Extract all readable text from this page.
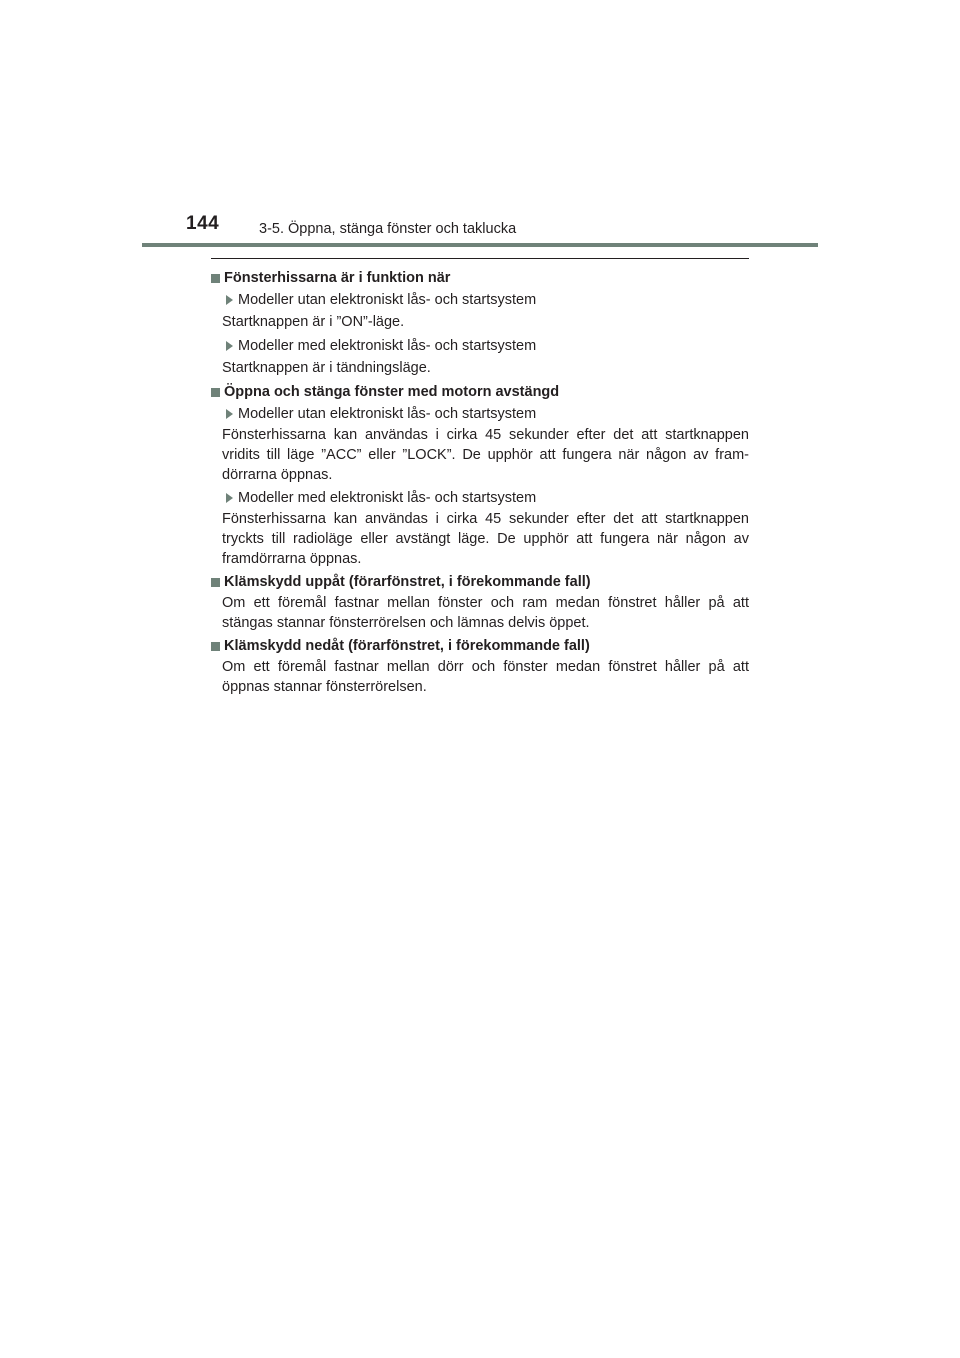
144	3-5. Öppna, stänga fönster och taklucka
Fönsterhissarna är i funktion när
Modeller utan elektroniskt lås- och startsystem
Startknappen är i ”ON”-läge.
Modeller med elektroniskt lås- och startsystem
Startknappen är i tändningsläge.
Öppna och stänga fönster med motorn avstängd
Modeller utan elektroniskt lås- och startsystem
Fönsterhissarna kan användas i cirka 45 sekunder efter det att startknappen vridits till läge ”ACC” eller ”LOCK”. De upphör att fungera när någon av fram-dörrarna öppnas.
Modeller med elektroniskt lås- och startsystem
Fönsterhissarna kan användas i cirka 45 sekunder efter det att startknappen tryckts till radioläge eller avstängt läge. De upphör att fungera när någon av framdörrarna öppnas.
Klämskydd uppåt (förarfönstret, i förekommande fall)
Om ett föremål fastnar mellan fönster och ram medan fönstret håller på att stängas stannar fönsterrörelsen och lämnas delvis öppet.
Klämskydd nedåt (förarfönstret, i förekommande fall)
Om ett föremål fastnar mellan dörr och fönster medan fönstret håller på att öppnas stannar fönsterrörelsen.
